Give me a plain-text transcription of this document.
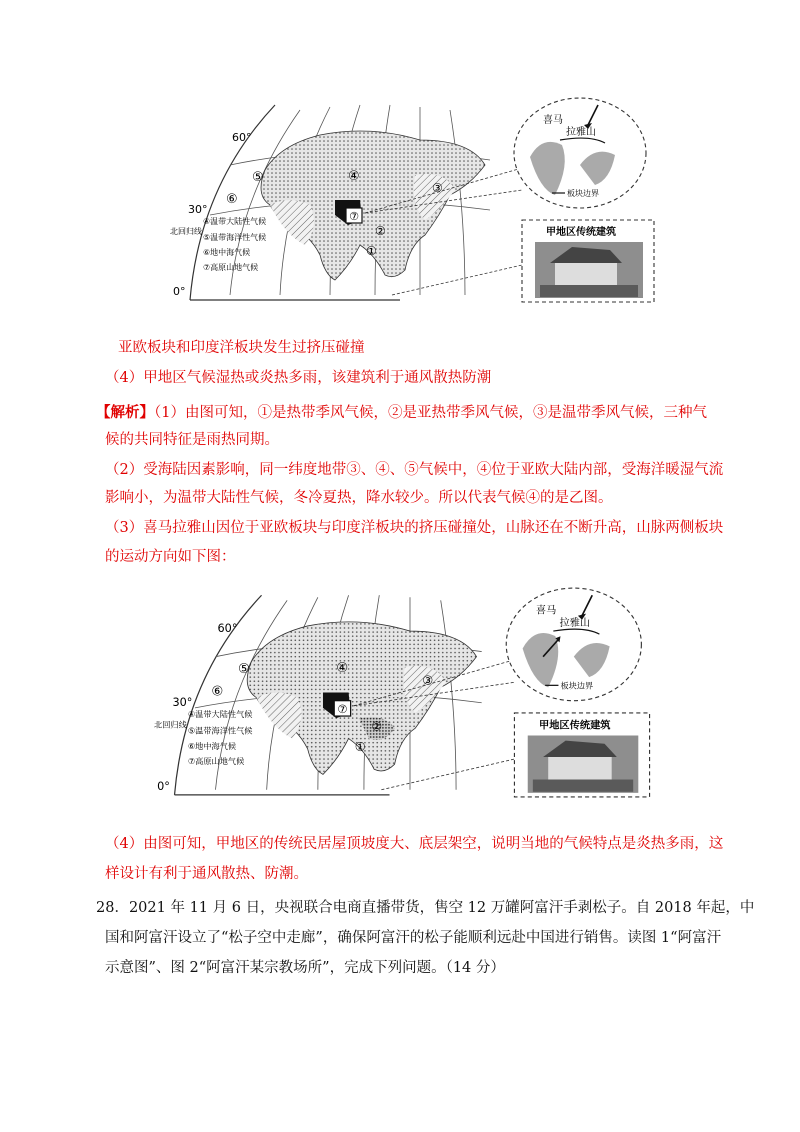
⑦
④
①
②
③
⑤
⑥
60°
30°
0°
北回归线
④温带大陆性气候
⑤温带海洋性气候
⑥地中海气候
⑦高原山地气候
喜马
拉雅山
板块边界
甲地区传统建筑
亚欧板块和印度洋板块发生过挤压碰撞
（4）甲地区气候湿热或炎热多雨，该建筑利于通风散热防潮
【解析】（1）由图可知，①是热带季风气候，②是亚热带季风气候，③是温带季风气候，三种气
候的共同特征是雨热同期。
（2）受海陆因素影响，同一纬度地带③、④、⑤气候中，④位于亚欧大陆内部，受海洋暖湿气流
影响小，为温带大陆性气候，冬冷夏热，降水较少。所以代表气候④的是乙图。
（3）喜马拉雅山因位于亚欧板块与印度洋板块的挤压碰撞处，山脉还在不断升高，山脉两侧板块
的运动方向如下图：
⑦
④
①
②
③
⑤
⑥
60°
30°
0°
北回归线
④温带大陆性气候
⑤温带海洋性气候
⑥地中海气候
⑦高原山地气候
喜马
拉雅山
板块边界
甲地区传统建筑
（4）由图可知，甲地区的传统民居屋顶坡度大、底层架空，说明当地的气候特点是炎热多雨，这
样设计有利于通风散热、防潮。
28．2021 年 11 月 6 日，央视联合电商直播带货，售空 12 万罐阿富汗手剥松子。自 2018 年起，中
国和阿富汗设立了“松子空中走廊”，确保阿富汗的松子能顺利远赴中国进行销售。读图 1“阿富汗
示意图”、图 2“阿富汗某宗教场所”，完成下列问题。（14 分）
